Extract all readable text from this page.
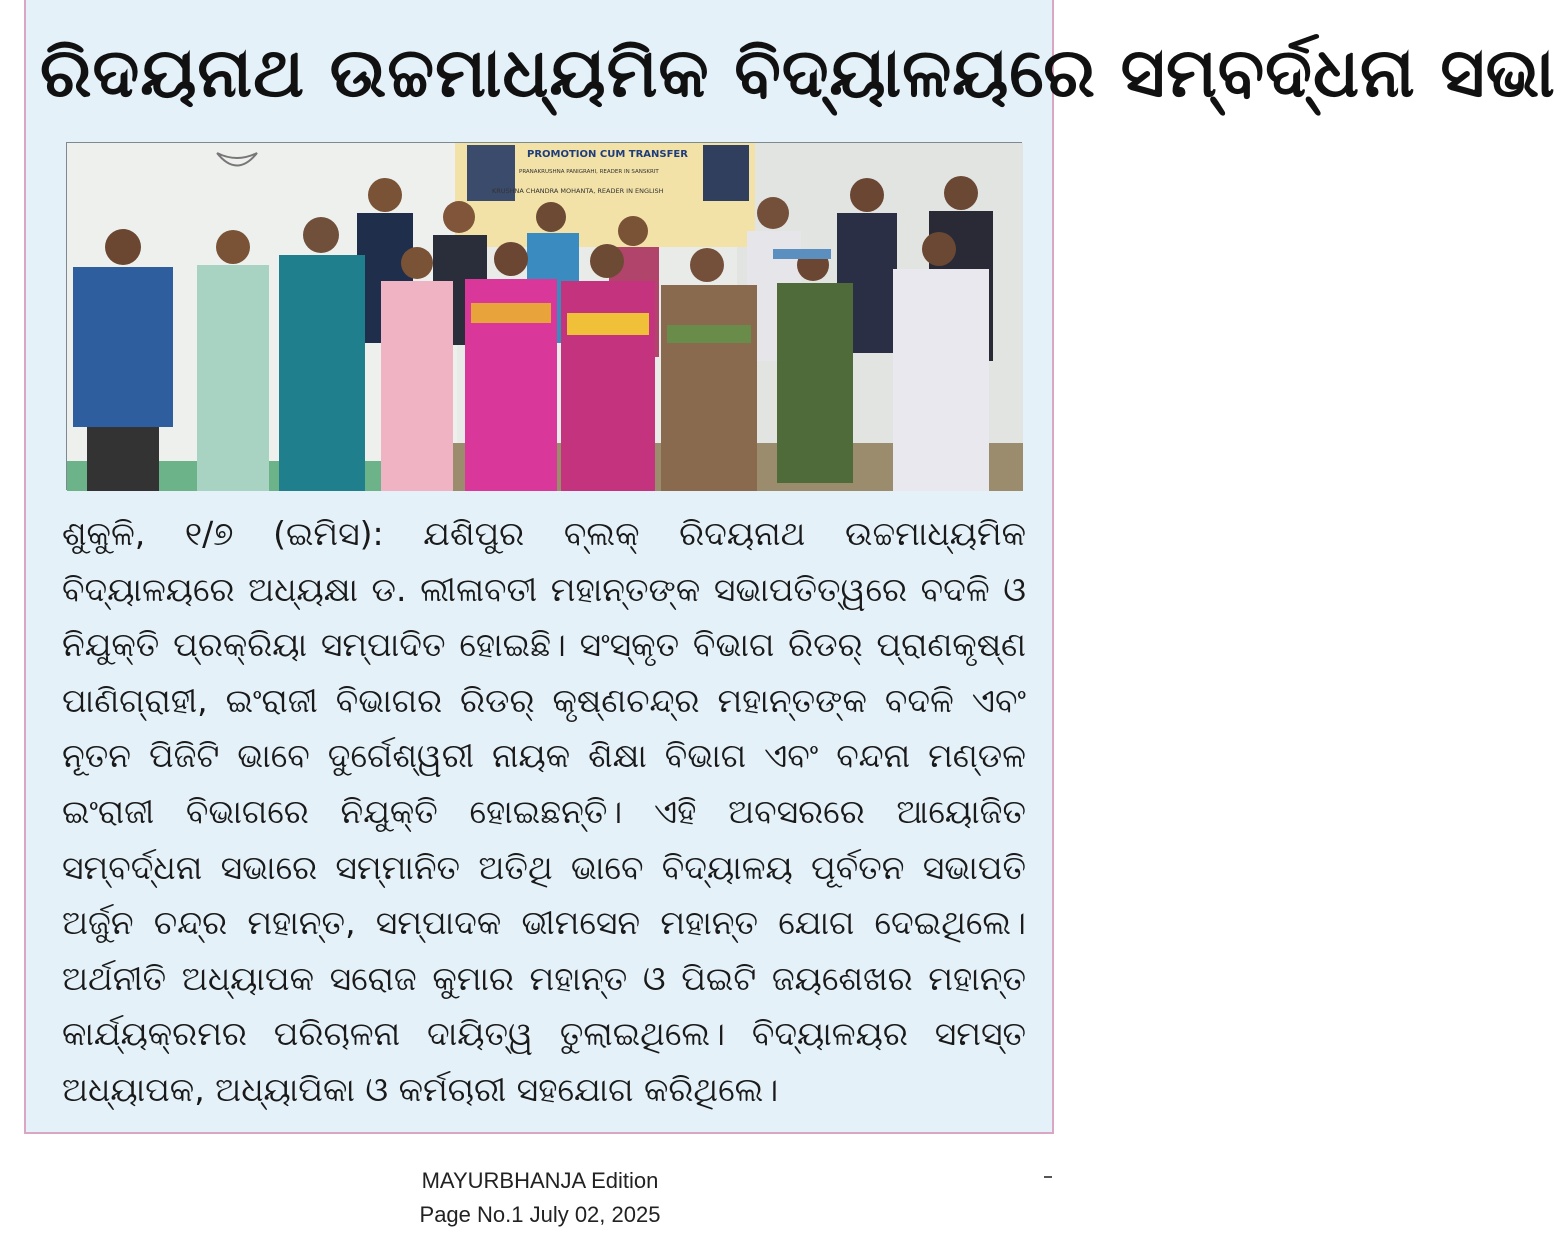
ରିଦୟନାଥ ଉଚ୍ଚମାଧ୍ୟମିକ ବିଦ୍ୟାଳୟରେ ସମ୍ବର୍ଦ୍ଧନା ସଭା
PROMOTION CUM TRANSFER
PRANAKRUSHNA PANIGRAHI, READER IN SANSKRIT
KRUSHNA CHANDRA MOHANTA, READER IN ENGLISH

ଶୁକୁଳି, ୧/୭ (ଇମିସ): ଯଶିପୁର ବ୍ଲକ୍ ରିଦୟନାଥ ଉଚ୍ଚମାଧ୍ୟମିକ ବିଦ୍ୟାଳୟରେ ଅଧ୍ୟକ୍ଷା ଡ. ଲୀଳାବତୀ ମହାନ୍ତଙ୍କ ସଭାପତିତ୍ୱରେ ବଦଳି ଓ ନିଯୁକ୍ତି ପ୍ରକ୍ରିୟା ସମ୍ପାଦିତ ହୋଇଛି। ସଂସ୍କୃତ ବିଭାଗ ରିଡର୍ ପ୍ରାଣକୃଷ୍ଣ ପାଣିଗ୍ରାହୀ, ଇଂରାଜୀ ବିଭାଗର ରିଡର୍ କୃଷ୍ଣଚନ୍ଦ୍ର ମହାନ୍ତଙ୍କ ବଦଳି ଏବଂ ନୂତନ ପିଜିଟି ଭାବେ ଦୁର୍ଗେଶ୍ୱରୀ ନାୟକ ଶିକ୍ଷା ବିଭାଗ ଏବଂ ବନ୍ଦନା ମଣ୍ଡଳ ଇଂରାଜୀ ବିଭାଗରେ ନିଯୁକ୍ତି ହୋଇଛନ୍ତି। ଏହି ଅବସରରେ ଆୟୋଜିତ ସମ୍ବର୍ଦ୍ଧନା ସଭାରେ ସମ୍ମାନିତ ଅତିଥି ଭାବେ ବିଦ୍ୟାଳୟ ପୂର୍ବତନ ସଭାପତି ଅର୍ଜୁନ ଚନ୍ଦ୍ର ମହାନ୍ତ, ସମ୍ପାଦକ ଭୀମସେନ ମହାନ୍ତ ଯୋଗ ଦେଇଥିଲେ। ଅର୍ଥନୀତି ଅଧ୍ୟାପକ ସରୋଜ କୁମାର ମହାନ୍ତ ଓ ପିଇଟି ଜୟଶେଖର ମହାନ୍ତ କାର୍ଯ୍ୟକ୍ରମର ପରିଚାଳନା ଦାୟିତ୍ୱ ତୁଲାଇଥିଲେ। ବିଦ୍ୟାଳୟର ସମସ୍ତ ଅଧ୍ୟାପକ, ଅଧ୍ୟାପିକା ଓ କର୍ମଚାରୀ ସହଯୋଗ କରିଥିଲେ।

MAYURBHANJA Edition
Page No.1 July 02, 2025
